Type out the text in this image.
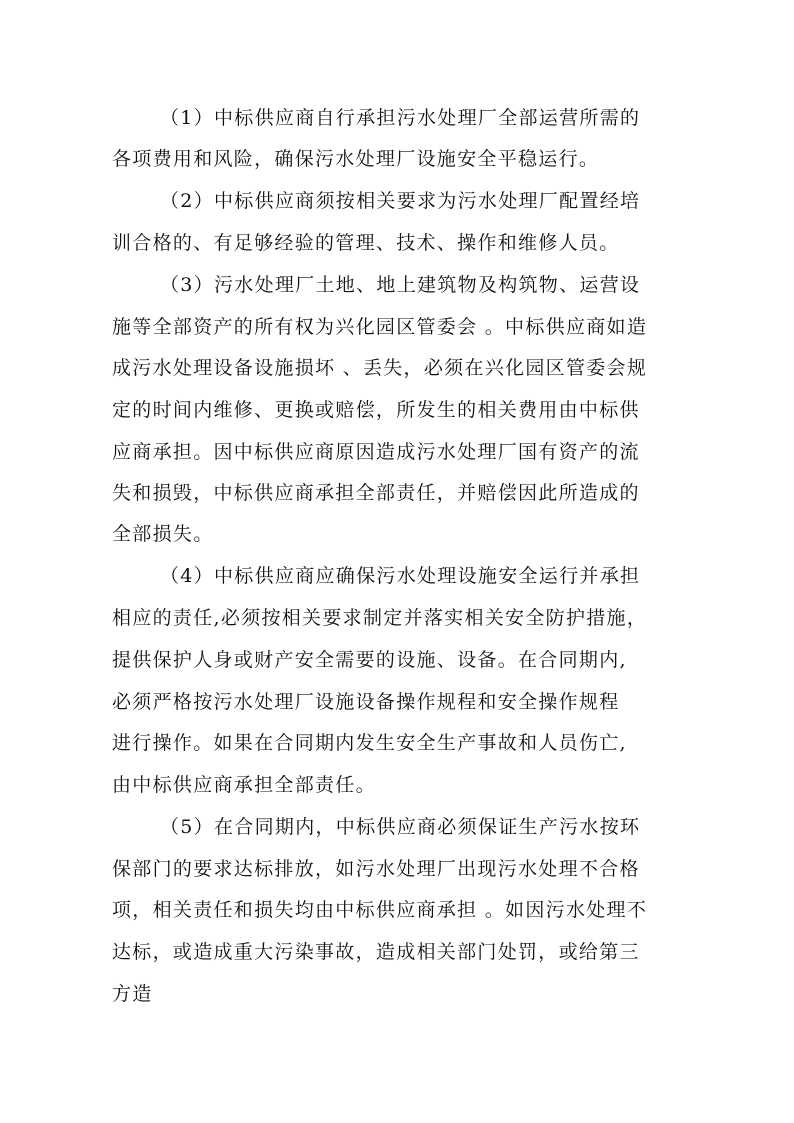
（1）中标供应商自行承担污水处理厂全部运营所需的
各项费用和风险，确保污水处理厂设施安全平稳运行。
（2）中标供应商须按相关要求为污水处理厂配置经培
训合格的、有足够经验的管理、技术、操作和维修人员。
（3）污水处理厂土地、地上建筑物及构筑物、运营设
施等全部资产的所有权为兴化园区管委会 。中标供应商如造
成污水处理设备设施损坏 、丢失，必须在兴化园区管委会规
定的时间内维修、更换或赔偿，所发生的相关费用由中标供
应商承担。因中标供应商原因造成污水处理厂国有资产的流
失和损毁，中标供应商承担全部责任，并赔偿因此所造成的
全部损失。
（4）中标供应商应确保污水处理设施安全运行并承担
相应的责任,必须按相关要求制定并落实相关安全防护措施，
提供保护人身或财产安全需要的设施、设备。在合同期内,
必须严格按污水处理厂设施设备操作规程和安全操作规程
进行操作。如果在合同期内发生安全生产事故和人员伤亡,
由中标供应商承担全部责任。
（5）在合同期内，中标供应商必须保证生产污水按环
保部门的要求达标排放，如污水处理厂出现污水处理不合格
项，相关责任和损失均由中标供应商承担 。如因污水处理不
达标，或造成重大污染事故，造成相关部门处罚，或给第三
方造
